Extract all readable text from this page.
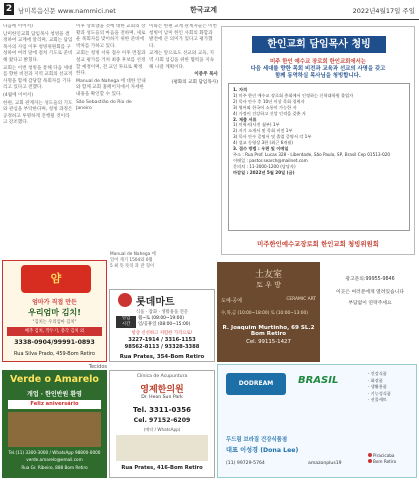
2 남미복음신문 www.nammici.net	한국교계	2022년4월17일 주일

다음에 이어서)

남미한인교회 담임목사 청빙을 결정하여 교계에 알리며, 교회는 담임목사의 사임 이후 청빙위원회를 구성하여 여러 달에 걸쳐 기도로 준비해 왔다고 밝혔다.

교회는 이번 청빙을 통해 다음 세대를 향한 비전과 지역 교회의 선교적 사명을 함께 감당할 목회자를 기다리고 있다고 전했다.

(4월에 이어서)

한편, 교회 관계자는 성도들의 기도와 관심을 부탁한다며, 청빙 과정은 공정하고 투명하게 진행될 것이라고 강조했다.

이후 상보했을 것에 대한 교회의 상황과 성도들의 마음을 전하며, 새로운 목회자를 맞이하기 위한 준비에 박차를 가하고 있다.

교회는 청빙 서류 접수 이후 면접과 설교 평가를 거쳐 최종 후보를 선정할 예정이며, 전 교인 투표로 확정한다.

Manual de Nahega 에 대한 안내와 함께 교회 홈페이지에서 자세한 내용을 확인할 수 있다.

São Sebastião do Rio de Janeiro

이와는 한편 교계 관계자들은 이번 청빙이 남미 한인 사회의 화합과 발전에 큰 의미가 있다고 평가했다.

교계는 앞으로도 선교와 교육, 지역 사회 섬김을 위한 협력을 지속해 나갈 계획이다.

이중주 목사

(평화의 교회 담임목사)

한인교회 담임목사 청빙
미주 한인 예수교 장로회 한인교회에서는
다음 세대를 향한 목회 비전과 교육과 선교의 사명을 갖고
함께 동역하실 목사님을 청빙합니다.
1. 자격
1) 미주 한인 예수교 장로회 총회에서 인정하는 신학대학원 졸업자
2) 목사 안수 후 10년 이상 목회 경력자
3) 영어와 한국어 소통이 가능한 자
4) 가정이 건강하고 신앙 인격을 갖춘 자
2. 제출 서류
1) 이력서(사진 첨부) 1부
2) 자기 소개서 및 목회 비전 1부
3) 목사 안수 증명서 및 졸업 증명서 각 1부
4) 설교 동영상 3편 (최근 6개월)
3. 접수 방법 : 우편 및 이메일
주소 : Rua Prof. Lucas 328 - Liberdade, São Paulo, SP, Brasil Cep 01513-020
이메일 : pastor.search@mailnet.com
문의처 : 11-3000-1200 (담당자)
마감일 : 2022년 5월 20일 (금)
미주한인예수교장로회 한인교회 청빙위원회
Manual de Nahega 에
일어 계기 1504와 0월
5 최 뜻 뜻의 과 잔 형이
얌
엄마가 직접 만든
우리엄마 김치!
"김치는 우리엄마 김치"
배추 김치, 깍두기, 총각 김치 외
3338-0904/99991-0893
Rua Silva Prado, 459-Bom Retiro
롯데마트
식품 · 잡화 · 생활용품 전문
영업	월~토 (08:00~19:00)
시간	일/공휴일 (08:00~15:00)
항상 신선하고 저렴한 가격으로!
3227-1914 / 3316-1153
98562-8113 / 93328-3388
Rua Prates, 354-Bom Retiro
土友室
토 우 방
도예·공예	CERAMIC ART
수,목,금 (10:00~18:00) 토 (10:00~13:00)
R. Joaquim Murtinho, 69 SL.2 Bom Retiro
Cel. 99115-1427
광고문의:99955-9846
이곳은 여러분에게 열려있습니다
부담없이 연락주세요
Tecidos
Verde o Amarelo
개업 · 한인반원 환영
Feliz aniversário
Tel.(11) 3300-3000 / WhatsApp 98800-0000
verde.amarelo@email.com
Rua Gr. Ribeiro, 888 Bom Retiro
Clínica de Acupuntura
영제한의원
Dr. Heon Sun Park
Tel. 3311-0356
Cel. 97152-6209
(예약 / WhatsApp)
Rua Prates, 416-Bom Retiro
DODREAM	BRASIL
· 건강식품
· 화장품
· 생활용품
· 기능성식품
· 선물세트
두드림 브라질 건강식품점
대표 이성경 (Dona Lee)
(11) 99729-5764	amazonplus19
Piracicaba
Bom Retiro
